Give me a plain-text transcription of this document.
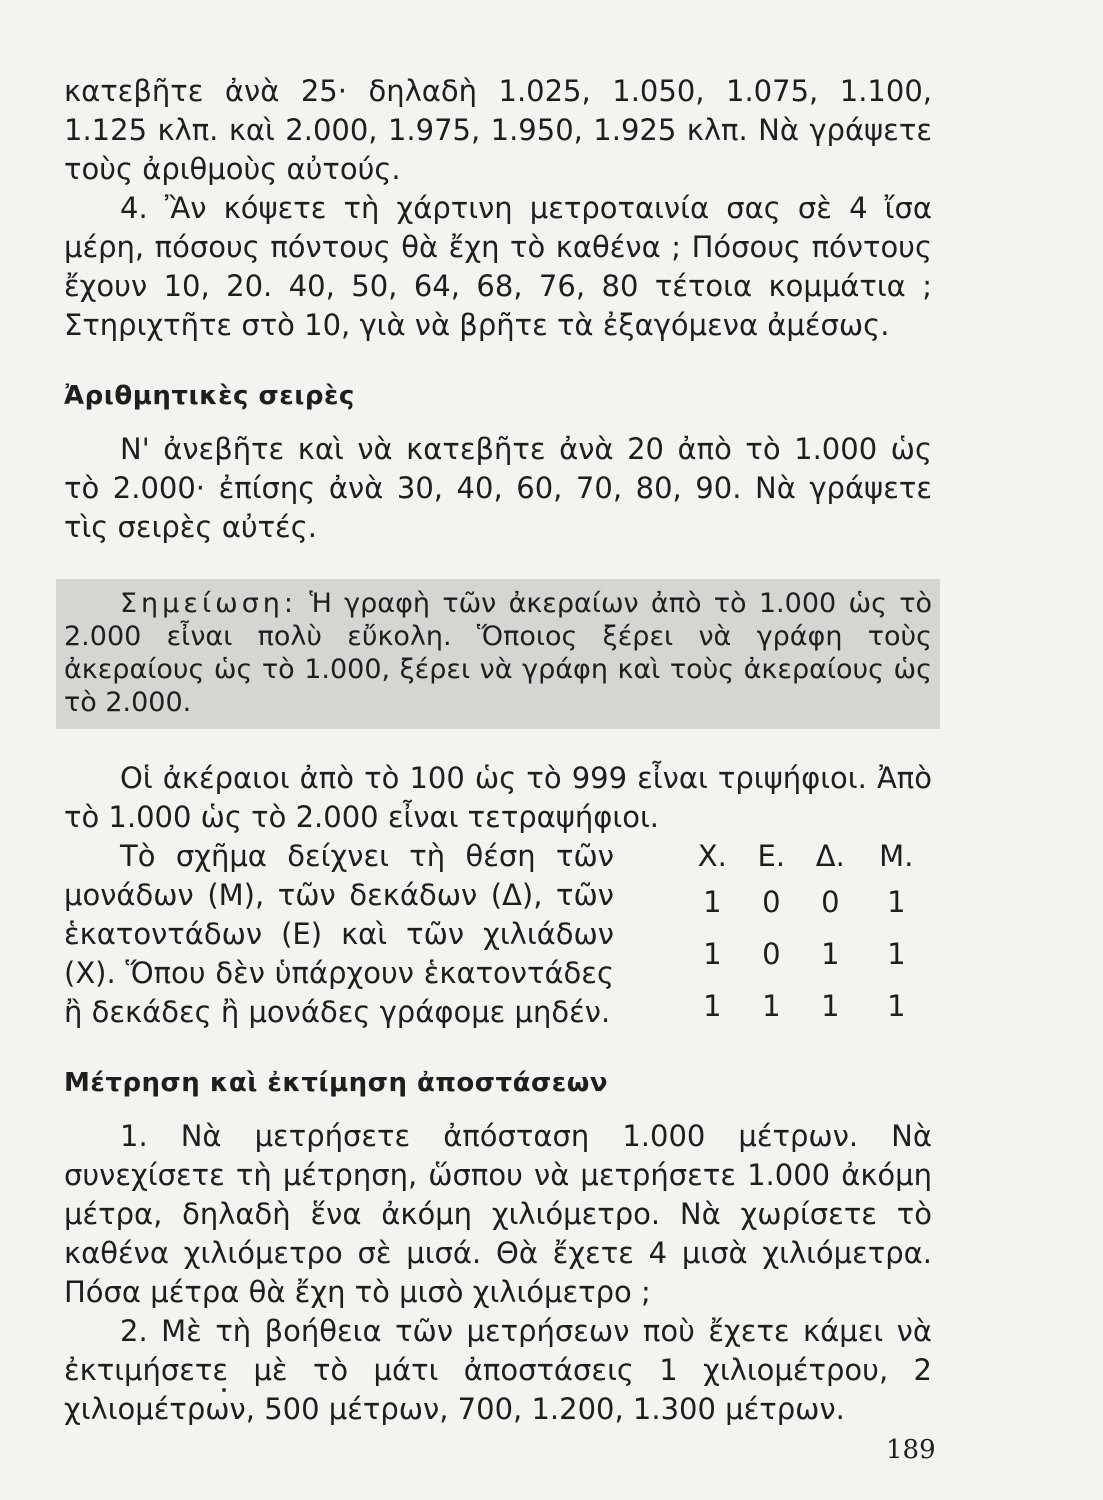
κατεβῆτε ἀνὰ 25· δηλαδὴ 1.025, 1.050, 1.075, 1.100, 1.125 κλπ. καὶ 2.000, 1.975, 1.950, 1.925 κλπ. Νὰ γράψετε τοὺς ἀριθμοὺς αὐτούς.

4. Ἂν κόψετε τὴ χάρτινη μετροταινία σας σὲ 4 ἴσα μέρη, πόσους πόντους θὰ ἔχη τὸ καθένα ; Πόσους πόντους ἔχουν 10, 20. 40, 50, 64, 68, 76, 80 τέτοια κομμάτια ; Στηριχτῆτε στὸ 10, γιὰ νὰ βρῆτε τὰ ἐξαγόμενα ἀμέσως.

Ἀριθμητικὲς σειρὲς

Ν' ἀνεβῆτε καὶ νὰ κατεβῆτε ἀνὰ 20 ἀπὸ τὸ 1.000 ὡς τὸ 2.000· ἐπίσης ἀνὰ 30, 40, 60, 70, 80, 90. Νὰ γράψετε τὶς σειρὲς αὐτές.

Σημείωση: Ἡ γραφὴ τῶν ἀκεραίων ἀπὸ τὸ 1.000 ὡς τὸ 2.000 εἶναι πολὺ εὔκολη. Ὅποιος ξέρει νὰ γράφη τοὺς ἀκεραίους ὡς τὸ 1.000, ξέρει νὰ γράφη καὶ τοὺς ἀκεραίους ὡς τὸ 2.000.

Οἱ ἀκέραιοι ἀπὸ τὸ 100 ὡς τὸ 999 εἶναι τριψήφιοι. Ἀπὸ τὸ 1.000 ὡς τὸ 2.000 εἶναι τετραψήφιοι.

Τὸ σχῆμα δείχνει τὴ θέση τῶν μονάδων (Μ), τῶν δεκάδων (Δ), τῶν ἑκατοντάδων (Ε) καὶ τῶν χιλιάδων (Χ). Ὅπου δὲν ὑπάρχουν ἑκατοντάδες ἢ δεκάδες ἢ μονάδες γράφομε μηδέν.

Χ.	Ε.	Δ.	Μ.
1	0	0	1
1	0	1	1
1	1	1	1
Μέτρηση καὶ ἐκτίμηση ἀποστάσεων

1. Νὰ μετρήσετε ἀπόσταση 1.000 μέτρων. Νὰ συνεχίσετε τὴ μέτρηση, ὥσπου νὰ μετρήσετε 1.000 ἀκόμη μέτρα, δηλαδὴ ἕνα ἀκόμη χιλιόμετρο. Νὰ χωρίσετε τὸ καθένα χιλιόμετρο σὲ μισά. Θὰ ἔχετε 4 μισὰ χιλιόμετρα. Πόσα μέτρα θὰ ἔχη τὸ μισὸ χιλιόμετρο ;

2. Μὲ τὴ βοήθεια τῶν μετρήσεων ποὺ ἔχετε κάμει νὰ ἐκτιμήσετε μὲ τὸ μάτι ἀποστάσεις 1 χιλιομέτρου, 2 χιλιομέτρων, 500 μέτρων, 700, 1.200, 1.300 μέτρων.

189
